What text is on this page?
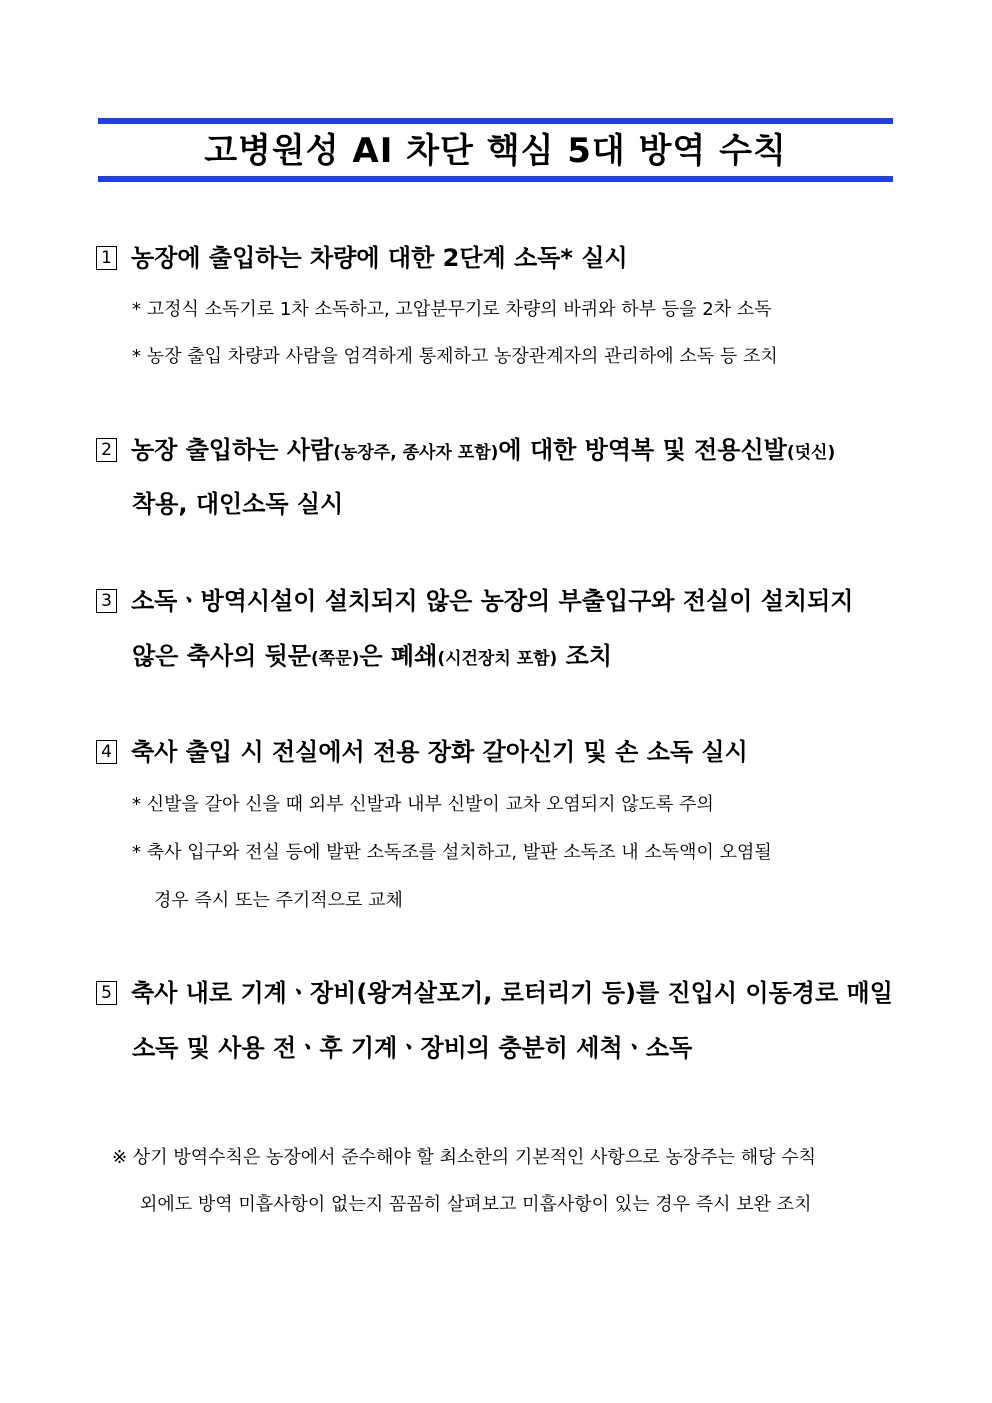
고병원성 AI 차단 핵심 5대 방역 수칙
1 농장에 출입하는 차량에 대한 2단계 소독* 실시
* 고정식 소독기로 1차 소독하고, 고압분무기로 차량의 바퀴와 하부 등을 2차 소독
* 농장 출입 차량과 사람을 엄격하게 통제하고 농장관계자의 관리하에 소독 등 조치
2 농장 출입하는 사람(농장주, 종사자 포함)에 대한 방역복 및 전용신발(덧신)
착용, 대인소독 실시
3 소독ㆍ방역시설이 설치되지 않은 농장의 부출입구와 전실이 설치되지
않은 축사의 뒷문(쪽문)은 폐쇄(시건장치 포함) 조치
4 축사 출입 시 전실에서 전용 장화 갈아신기 및 손 소독 실시
* 신발을 갈아 신을 때 외부 신발과 내부 신발이 교차 오염되지 않도록 주의
* 축사 입구와 전실 등에 발판 소독조를 설치하고, 발판 소독조 내 소독액이 오염될
경우 즉시 또는 주기적으로 교체
5 축사 내로 기계ㆍ장비(왕겨살포기, 로터리기 등)를 진입시 이동경로 매일
소독 및 사용 전ㆍ후 기계ㆍ장비의 충분히 세척ㆍ소독
※ 상기 방역수칙은 농장에서 준수해야 할 최소한의 기본적인 사항으로 농장주는 해당 수칙
외에도 방역 미흡사항이 없는지 꼼꼼히 살펴보고 미흡사항이 있는 경우 즉시 보완 조치
